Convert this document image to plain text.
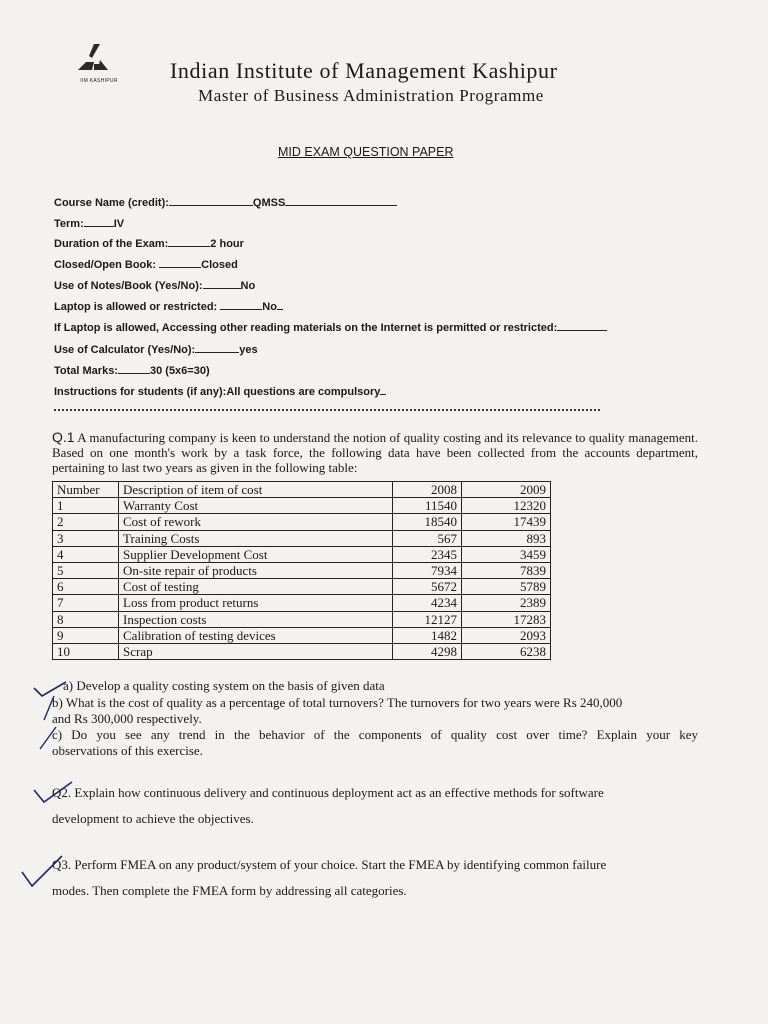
IIM KASHIPUR	Indian Institute of Management Kashipur
Master of Business Administration Programme
MID EXAM QUESTION PAPER
Course Name (credit):	QMSS
Term:	IV
Duration of the Exam:	2 hour
Closed/Open Book:	Closed
Use of Notes/Book (Yes/No):	No
Laptop is allowed or restricted:	No
If Laptop is allowed, Accessing other reading materials on the Internet is permitted or restricted:
Use of Calculator (Yes/No):	yes
Total Marks:	30 (5x6=30)
Instructions for students (if any):All questions are compulsory
Q.1 A manufacturing company is keen to understand the notion of quality costing and its relevance to quality management. Based on one month's work by a task force, the following data have been collected from the accounts department, pertaining to last two years as given in the following table:
Number	Description of item of cost	2008	2009
1	Warranty Cost	11540	12320
2	Cost of rework	18540	17439
3	Training Costs	567	893
4	Supplier Development Cost	2345	3459
5	On-site repair of products	7934	7839
6	Cost of testing	5672	5789
7	Loss from product returns	4234	2389
8	Inspection costs	12127	17283
9	Calibration of testing devices	1482	2093
10	Scrap	4298	6238
a) Develop a quality costing system on the basis of given data
b) What is the cost of quality as a percentage of total turnovers? The turnovers for two years were Rs 240,000
and Rs 300,000 respectively.
c) Do you see any trend in the behavior of the components of quality cost over time? Explain your key
observations of this exercise.
Q2. Explain how continuous delivery and continuous deployment act as an effective methods for software
development to achieve the objectives.
Q3. Perform FMEA on any product/system of your choice. Start the FMEA by identifying common failure
modes. Then complete the FMEA form by addressing all categories.
